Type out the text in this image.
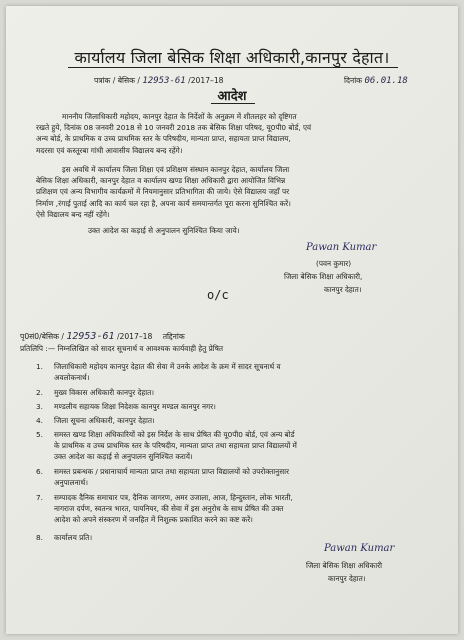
कार्यालय जिला बेसिक शिक्षा अधिकारी,कानपुर देहात।
पत्रांक / बेसिक / 12953-61 /2017–18	दिनांक 06.01.18
आदेश
माननीय जिलाधिकारी महोदय, कानपुर देहात के निर्देशों के अनुक्रम में शीतलहर को दृष्टिगत
रखते हुये, दिनांक 08 जनवरी 2018 से 10 जनवरी 2018 तक बेसिक शिक्षा परिषद, यू0पी0 बोर्ड, एवं
अन्य बोर्ड, के प्राथमिक व उच्च प्राथमिक स्तर के परिषदीय, मान्यता प्राप्त, सहायता प्राप्त विद्यालय,
मदरसा एवं कस्तूरबा गांधी आवासीय विद्यालय बन्द रहेंगे।
इस अवधि में कार्यालय जिला शिक्षा एवं प्रशिक्षण संस्थान कानपुर देहात, कार्यालय जिला
बेसिक शिक्षा अधिकारी, कानपुर देहात व कार्यालय खण्ड शिक्षा अधिकारी द्वारा आयोजित विभिन्न
प्रशिक्षण एवं अन्य विभागीय कार्यक्रमों में नियमानुसार प्रतिभागिता की जाये। ऐसे विद्यालय जहाँ पर
निर्माण ,रंगाई पुताई आदि का कार्य चल रहा है, अपना कार्य समयान्तर्गत पूरा करना सुनिश्चित करें।
ऐसे विद्यालय बन्द नहीं रहेंगे।
उक्त आदेश का कड़ाई से अनुपालन सुनिश्चित किया जाये।
Pawan Kumar
(पवन कुमार)
जिला बेसिक शिक्षा अधिकारी,
कानपुर देहात।
o/c
पृ0सं0/बेसिक / 12953-61 /2017–18 तद्दिनांक
प्रतिलिपि :— निम्नलिखित को सादर सूचनार्थ व आवश्यक कार्यवाही हेतु प्रेषित
1. जिलाधिकारी महोदय कानपुर देहात की सेवा में उनके आदेश के क्रम में सादर सूचनार्थ व
अवलोकनार्थ।
2. मुख्य विकास अधिकारी कानपुर देहात।
3. मण्डलीय सहायक शिक्षा निदेशक कानपुर मण्डल कानपुर नगर।
4. जिला सूचना अधिकारी, कानपुर देहात।
5. समस्त खण्ड शिक्षा अधिकारियों को इस निर्देश के साथ प्रेषित की यू0पी0 बोर्ड, एवं अन्य बोर्ड
के प्राथमिक व उच्च प्राथमिक स्तर के परिषदीय, मान्यता प्राप्त तथा सहायता प्राप्त विद्यालयों में
उक्त आदेश का कड़ाई से अनुपालन सुनिश्चित करायें।
6. समस्त प्रबन्धक / प्रधानाचार्य मान्यता प्राप्त तथा सहायता प्राप्त विद्यालयों को उपरोक्तानुसार
अनुपालनार्थ।
7. सम्पादक दैनिक समाचार पत्र, दैनिक जागरण, अमर उजाला, आज, हिन्दुस्तान, लोक भारती,
नागराज दर्पण, स्वतन्त्र भारत, पायनियर, की सेवा में इस अनुरोध के साथ प्रेषित की उक्त
आदेश को अपने संस्करण में जनहित में निशुल्क प्रकाशित करने का कष्ट करें।
8. कार्यालय प्रति।
Pawan Kumar
जिला बेसिक शिक्षा अधिकारी
कानपुर देहात।
